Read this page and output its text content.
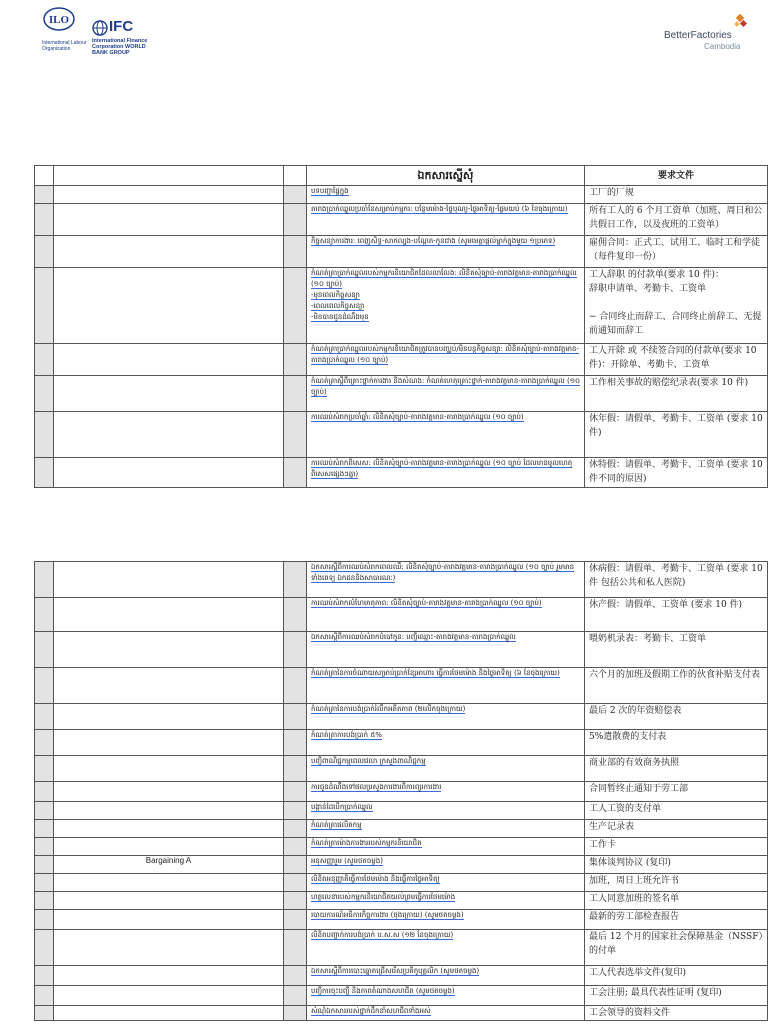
ILO
International Labour Organization
IFC
International Finance Corporation WORLD BANK GROUP
BetterFactories
Cambodia
			ឯកសារស្នើសុំ	要求文件
			បទបញ្ជាផ្ទៃក្នុង	工厂的厂规
			តារាងប្រាក់ឈ្នួលប្រចាំខែសម្រាប់កម្មករ: បន្ថែមម៉ោង-ថ្ងៃបុណ្យ-ថ្ងៃអាទិត្យ-ផ្លែមយប់ (៦ ខែចុងក្រោយ)	所有工人的 6 个月工资单（加班、周日和公共假日工作，以及夜班的工资单）
			កិច្ចសន្យាការងារ: ពេញសិទ្ធ-សាកល្បង-បណ្តែត-កូនជាង (សូមមេត្តាផ្តល់ម្នាក់ក្នុងមួយ ១ប្រភេទ)	雇佣合同：正式工、试用工、临时工和学徒（每件复印一份）
			កំណត់ត្រាប្រាក់ឈ្នួលរបស់កម្មករនិយោជិតដែលលាលែង: លិខិតសុំច្បាប់-តារាងវត្តមាន-តារាងប្រាក់ឈ្នួល (១០ ច្បាប់)
-មុនពេលកិច្ចសន្យា
-ពេលពេលកិច្ចសន្យា
-មិនបានជូនដំណឹងមុន	工人辞职 的付款单(要求 10 件)：
辞职申请单、考勤卡、工资单

− 合同终止而辞工、合同终止前辞工、无提前通知而辞工
			កំណត់ត្រាប្រាក់ឈ្នួលរបស់កម្មករនិយោជិតត្រូវបានបញ្ឈប់/មិនបន្តកិច្ចសន្យា: លិខិតសុំច្បាប់-តារាងវត្តមាន-តារាងប្រាក់ឈ្នួល (១០ ច្បាប់)	工人开除 或 不续签合同的付款单(要求 10 件)：开除单、考勤卡、工资单
			កំណត់ត្រាស្តីពីគ្រោះថ្នាក់ការងារ និងសំណង: កំណត់ហេតុគ្រោះថ្នាក់-តារាងវត្តមាន-តារាងប្រាក់ឈ្នួល (១០ ច្បាប់)	工作相关事故的赔偿纪录表(要求 10 件)
			ការឈប់សំរាកប្រចាំឆ្នាំ: លិខិតសុំច្បាប់-តារាងវត្តមាន-តារាងប្រាក់ឈ្នួល (១០ ច្បាប់)	休年假：请假单、考勤卡、工资单 (要求 10 件)
			ការឈប់សំរាកពិសេស: លិខិតសុំច្បាប់-តារាងវត្តមាន-តារាងប្រាក់ឈ្នួល (១០ ច្បាប់ ដែលមានមូលហេតុពិសេសផ្សេងៗគ្នា)	休特假：请假单、考勤卡、工资单 (要求 10 件不同的原因)
			ឯកសារស្តីពីការឈប់សំរាកពេលឈឺ: លិខិតសុំច្បាប់-តារាងវត្តមាន-តារាងប្រាក់ឈ្នួល (១០ ច្បាប់ រួមមានទាំងពេទ្យ ឯកជននិងសាធារណៈ)	休病假：请假单、考勤卡、工资单 (要求 10 件 包括公共和私人医院)
			ការឈប់សំរាកលំហែមាតុភាព: លិខិតសុំច្បាប់-តារាងវត្តមាន-តារាងប្រាក់ឈ្នួល (១០ ច្បាប់)	休产假：请假单、工资单 (要求 10 件)
			ឯកសារស្តីពីការឈប់សំរាកបំបៅកូន: បញ្ជីឈ្មោះ-តារាងវត្តមាន-តារាងប្រាក់ឈ្នួល	喂奶机录表：考勤卡、工资单
			កំណត់ត្រានៃការចំណាយសម្រាប់ប្រាក់ខ្សែអាហារ ធ្វើការថែមម៉ោង និងថ្ងៃអាទិត្យ (៦ ខែចុងក្រោយ)	六个月的加班及假期工作的伙食补贴支付表
			កំណត់ត្រានៃការបង់ប្រាក់រំលឹកអតីតភាព (២លើកចុងក្រោយ)	最后 2 次的年资赔偿表
			កំណត់ត្រាការបង់ប្រាក់ ៥%	5%遣散费的支付表
			បញ្ជីពាណិជ្ជកម្មពេលវេលា ក្រសួងពាណិជ្ជកម្ម	商业部的有效商务执照
			ការជូនដំណឹងទៅផលប្រសួងការងារពីការព្យួរការងារ	合同暂终止通知于劳工部
			បង្កាន់ដៃបើកប្រាក់ឈ្នួល	工人工资的支付单
			កំណត់ត្រាផលិតកម្ម	生产记录表
			កំណត់ត្រាម៉ោងការងាររបស់កម្មករនិយោជិត	工作卡
	Bargaining A		អនុសញ្ញារួម (សូមថតចម្លង)	集体谈判协议 (复印)
			លិខិតអនុញ្ញាតិធ្វើការថែមម៉ោង និងធ្វើការថ្ងៃអាទិត្យ	加班，周日上班允许书
			ហត្ថលេខារបស់កម្មករនិយោជិតយល់ព្រមធ្វើការថែមម៉ោង	工人同意加班的签名单
			របាយការណ៍អធិការកិច្ចការងារ (ចុងក្រោយ) (សូមថតចម្លង)	最新的劳工部检查报告
			លិខិតបញ្ជាក់ការបង់ប្រាក់ ប.ស.ស (១២ ខែចុងក្រោយ)	最后 12 个月的国家社会保障基金（NSSF）的付单
			ឯកសារស្តីពីការបោះឆ្នោតជ្រើសរើសប្រតិភូបុគ្គលិក (សូមថតចម្លង)	工人代表选举文件(复印)
			បញ្ជីការចុះបញ្ជី និងភាពតំណាងសហជីព (សូមថតចម្លង)	工会注册; 最具代表性证明 (复印)
			សំណុំឯកសាររបស់ថ្នាក់ដឹកនាំសហជីពទាំងអស់	工会领导的资料文件
